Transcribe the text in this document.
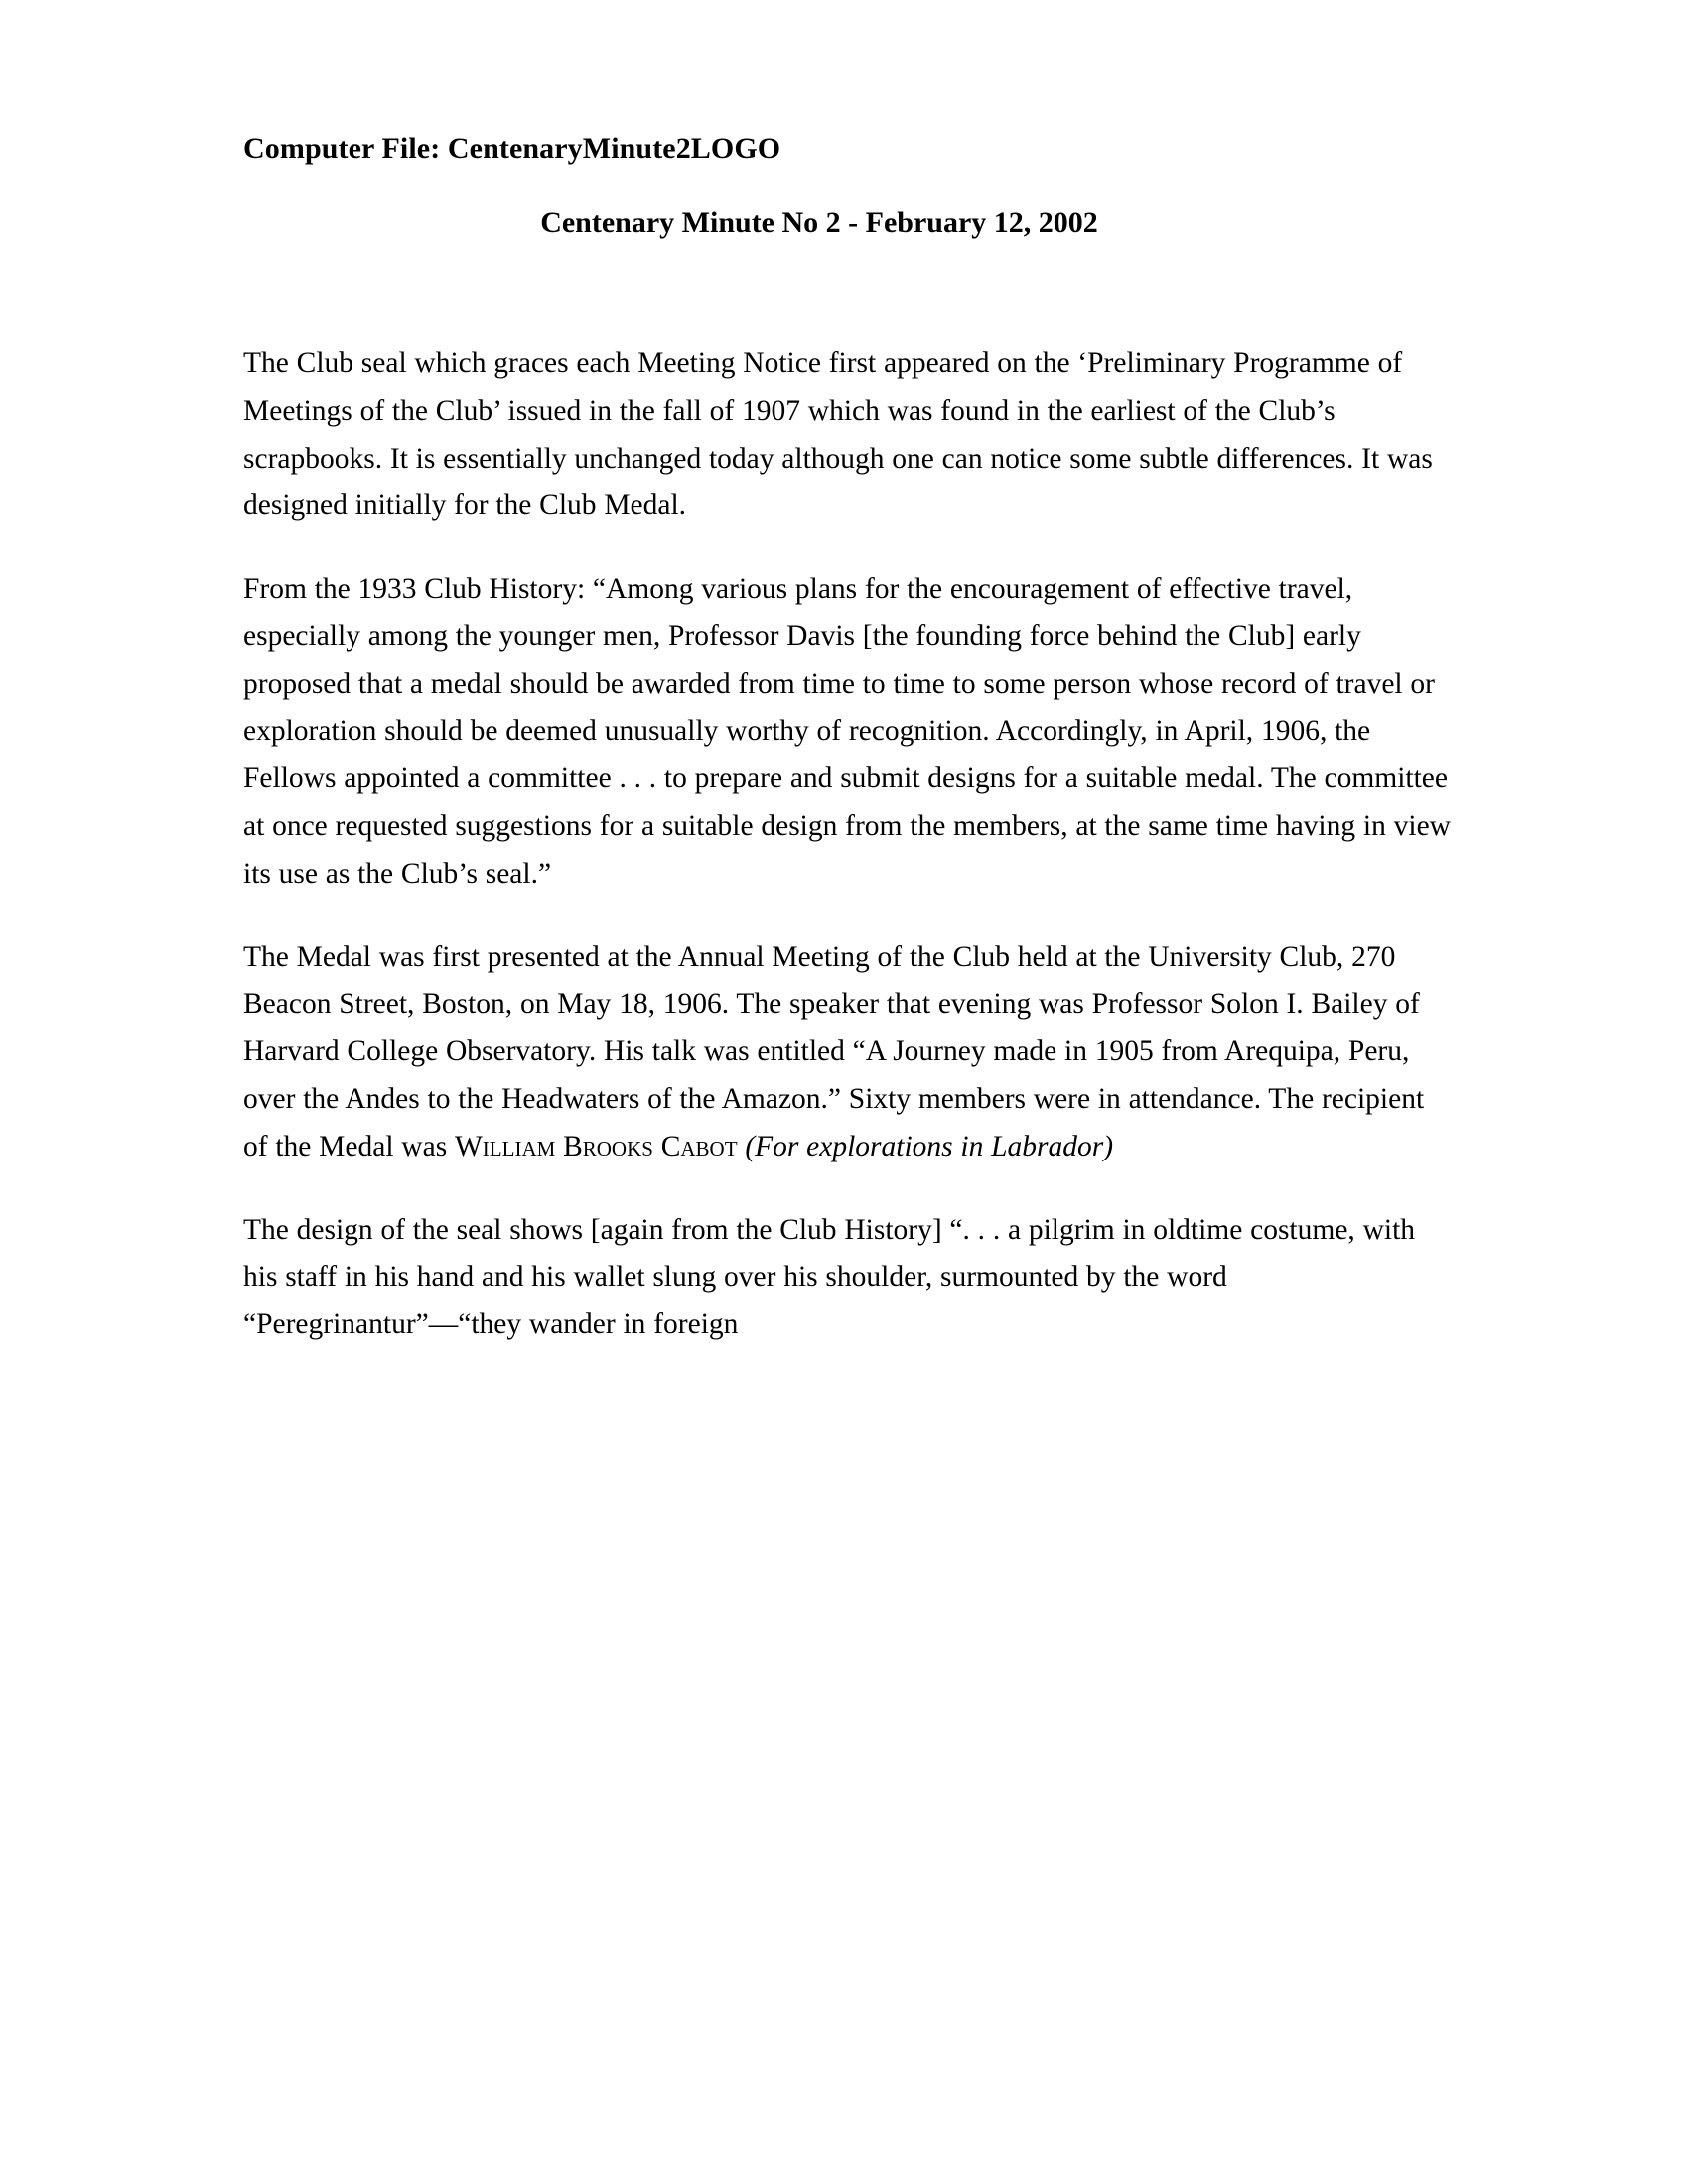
Computer File: CentenaryMinute2LOGO
Centenary Minute No 2 - February 12, 2002

The Club seal which graces each Meeting Notice first appeared on the ‘Preliminary Programme of Meetings of the Club’ issued in the fall of 1907 which was found in the earliest of the Club’s scrapbooks. It is essentially unchanged today although one can notice some subtle differences. It was designed initially for the Club Medal.

From the 1933 Club History: “Among various plans for the encouragement of effective travel, especially among the younger men, Professor Davis [the founding force behind the Club] early proposed that a medal should be awarded from time to time to some person whose record of travel or exploration should be deemed unusually worthy of recognition. Accordingly, in April, 1906, the Fellows appointed a committee . . . to prepare and submit designs for a suitable medal. The committee at once requested suggestions for a suitable design from the members, at the same time having in view its use as the Club’s seal.”

The Medal was first presented at the Annual Meeting of the Club held at the University Club, 270 Beacon Street, Boston, on May 18, 1906. The speaker that evening was Professor Solon I. Bailey of Harvard College Observatory. His talk was entitled “A Journey made in 1905 from Arequipa, Peru, over the Andes to the Headwaters of the Amazon.” Sixty members were in attendance. The recipient of the Medal was William Brooks Cabot (For explorations in Labrador)

The design of the seal shows [again from the Club History] “. . . a pilgrim in oldtime costume, with his staff in his hand and his wallet slung over his shoulder, surmounted by the word “Peregrinantur”—“they wander in foreign
